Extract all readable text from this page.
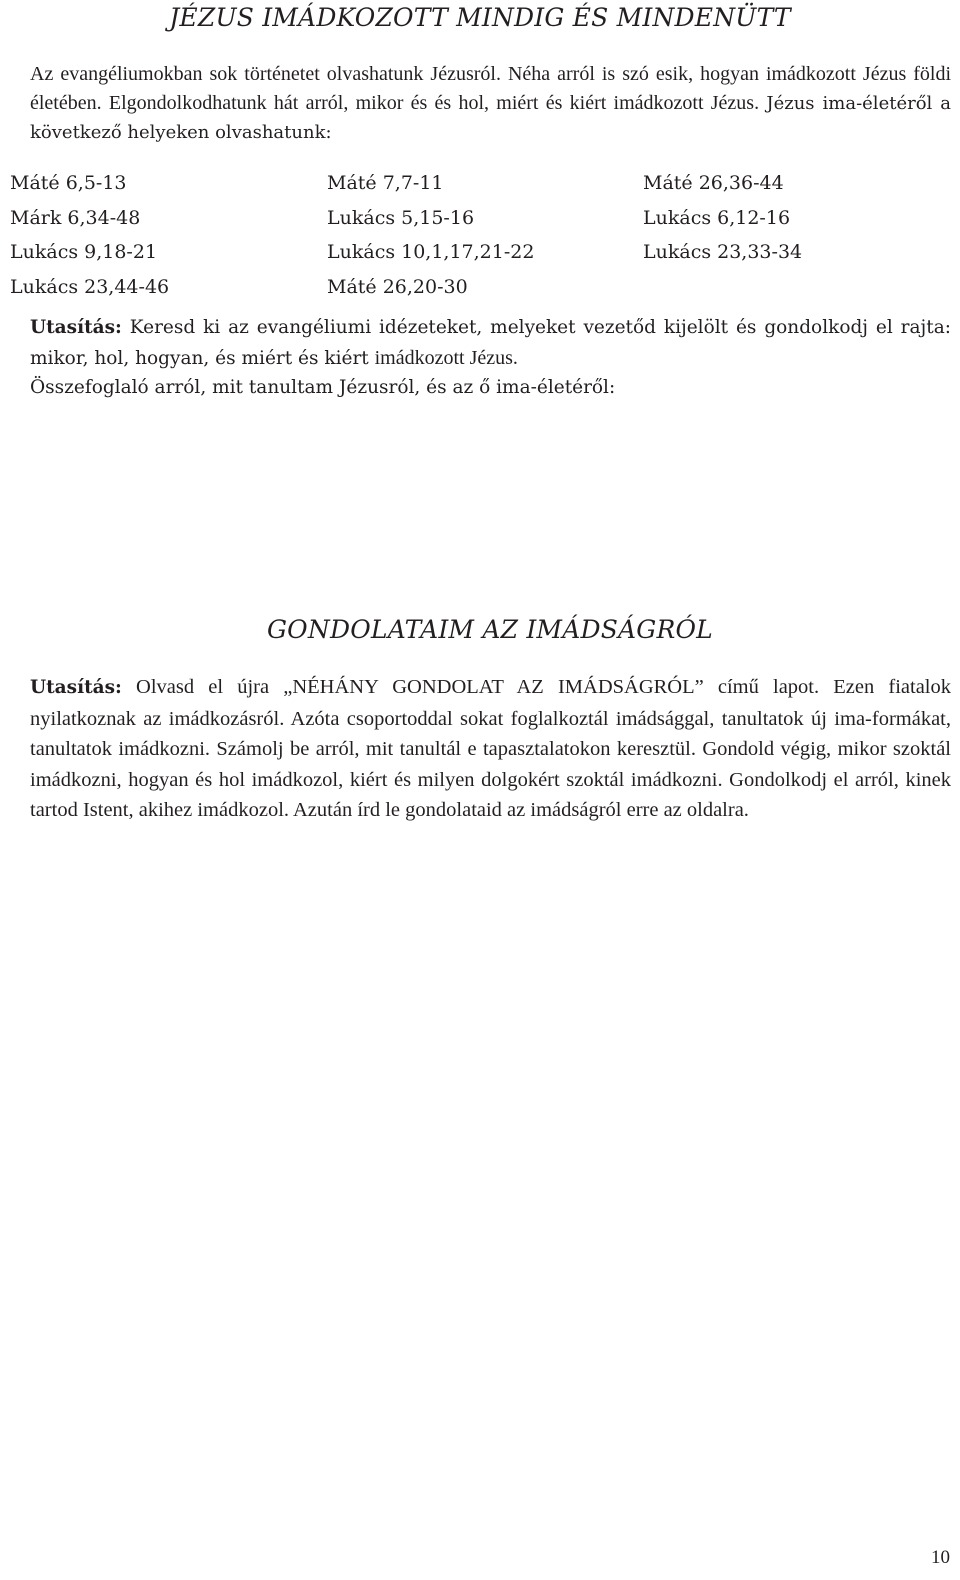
JÉZUS IMÁDKOZOTT MINDIG ÉS MINDENÜTT

Az evangéliumokban sok történetet olvashatunk Jézusról. Néha arról is szó esik, hogyan imádkozott Jézus földi életében. Elgondolkodhatunk hát arról, mikor és és hol, miért és kiért imádkozott Jézus. Jézus ima-életéről a következő helyeken olvashatunk:

Máté 6,5-13	Máté 7,7-11	Máté 26,36-44
Márk 6,34-48	Lukács 5,15-16	Lukács 6,12-16
Lukács 9,18-21	Lukács 10,1,17,21-22	Lukács 23,33-34
Lukács 23,44-46	Máté 26,20-30

Utasítás: Keresd ki az evangéliumi idézeteket, melyeket vezetőd kijelölt és gondolkodj el rajta: mikor, hol, hogyan, és miért és kiért imádkozott Jézus.

Összefoglaló arról, mit tanultam Jézusról, és az ő ima-életéről:

GONDOLATAIM AZ IMÁDSÁGRÓL

Utasítás: Olvasd el újra „NÉHÁNY GONDOLAT AZ IMÁDSÁGRÓL” című lapot. Ezen fiatalok nyilatkoznak az imádkozásról. Azóta csoportoddal sokat foglalkoztál imádsággal, tanultatok új ima-formákat, tanultatok imádkozni. Számolj be arról, mit tanultál e tapasztalatokon keresztül. Gondold végig, mikor szoktál imádkozni, hogyan és hol imádkozol, kiért és milyen dolgokért szoktál imádkozni. Gondolkodj el arról, kinek tartod Istent, akihez imádkozol. Azután írd le gondolataid az imádságról erre az oldalra.

10
